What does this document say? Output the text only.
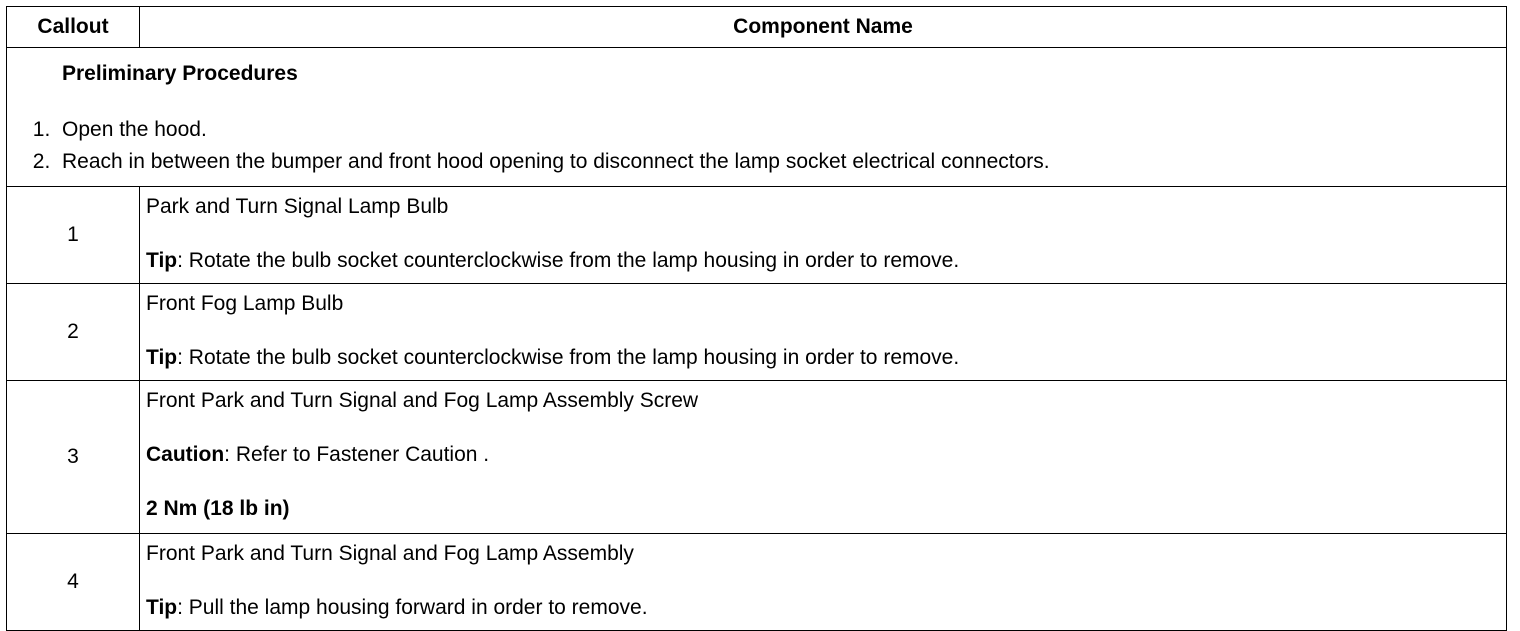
Callout	Component Name

Preliminary Procedures
1 . Open the hood.
2 . Reach in between the bumper and front hood opening to disconnect the lamp socket electrical connectors.

1	Park and Turn Signal Lamp Bulb
Tip: Rotate the bulb socket counterclockwise from the lamp housing in order to remove.

2	Front Fog Lamp Bulb
Tip: Rotate the bulb socket counterclockwise from the lamp housing in order to remove.

3	Front Park and Turn Signal and Fog Lamp Assembly Screw
Caution: Refer to Fastener Caution .
2 Nm (18 lb in)

4	Front Park and Turn Signal and Fog Lamp Assembly
Tip: Pull the lamp housing forward in order to remove.
